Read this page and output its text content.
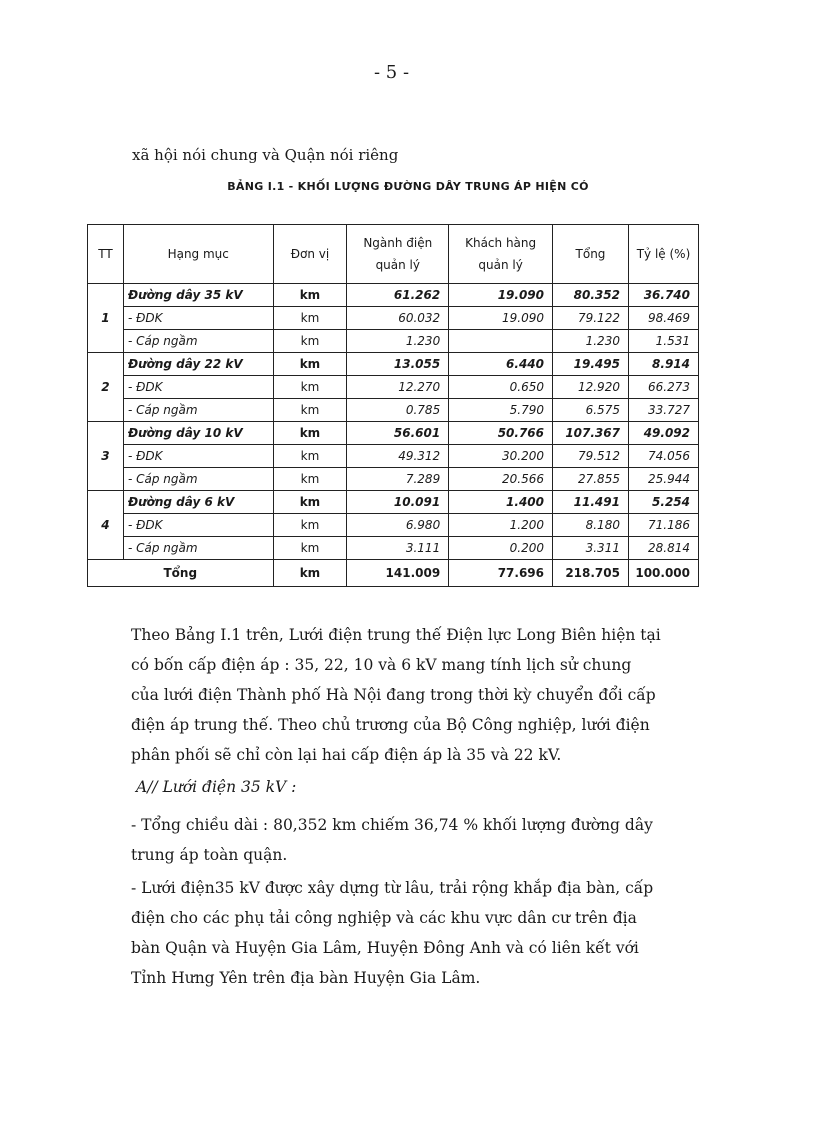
- 5 -
xã hội nói chung và Quận nói riêng
BẢNG I.1 - KHỐI LƯỢNG ĐƯỜNG DÂY TRUNG ÁP HIỆN CÓ
TT	Hạng mục	Đơn vị	Ngành điện quản lý	Khách hàng quản lý	Tổng	Tỷ lệ (%)
1	Đường dây 35 kV	km	61.262	19.090	80.352	36.740
	- ĐDK	km	60.032	19.090	79.122	98.469
	- Cáp ngầm	km	1.230		1.230	1.531
2	Đường dây 22 kV	km	13.055	6.440	19.495	8.914
	- ĐDK	km	12.270	0.650	12.920	66.273
	- Cáp ngầm	km	0.785	5.790	6.575	33.727
3	Đường dây 10 kV	km	56.601	50.766	107.367	49.092
	- ĐDK	km	49.312	30.200	79.512	74.056
	- Cáp ngầm	km	7.289	20.566	27.855	25.944
4	Đường dây 6 kV	km	10.091	1.400	11.491	5.254
	- ĐDK	km	6.980	1.200	8.180	71.186
	- Cáp ngầm	km	3.111	0.200	3.311	28.814
Tổng		km	141.009	77.696	218.705	100.000
Theo Bảng I.1 trên, Lưới điện trung thế Điện lực Long Biên hiện tại có bốn cấp điện áp : 35, 22, 10 và 6 kV mang tính lịch sử chung của lưới điện Thành phố Hà Nội đang trong thời kỳ chuyển đổi cấp điện áp trung thế. Theo chủ trương của Bộ Công nghiệp, lưới điện phân phối sẽ chỉ còn lại hai cấp điện áp là 35 và 22 kV.
A// Lưới điện 35 kV :
- Tổng chiều dài : 80,352 km chiếm 36,74 % khối lượng đường dây trung áp toàn quận.
- Lưới điện35 kV được xây dựng từ lâu, trải rộng khắp địa bàn, cấp điện cho các phụ tải công nghiệp và các khu vực dân cư trên địa bàn Quận và Huyện Gia Lâm, Huyện Đông Anh và có liên kết với Tỉnh Hưng Yên trên địa bàn Huyện Gia Lâm.
